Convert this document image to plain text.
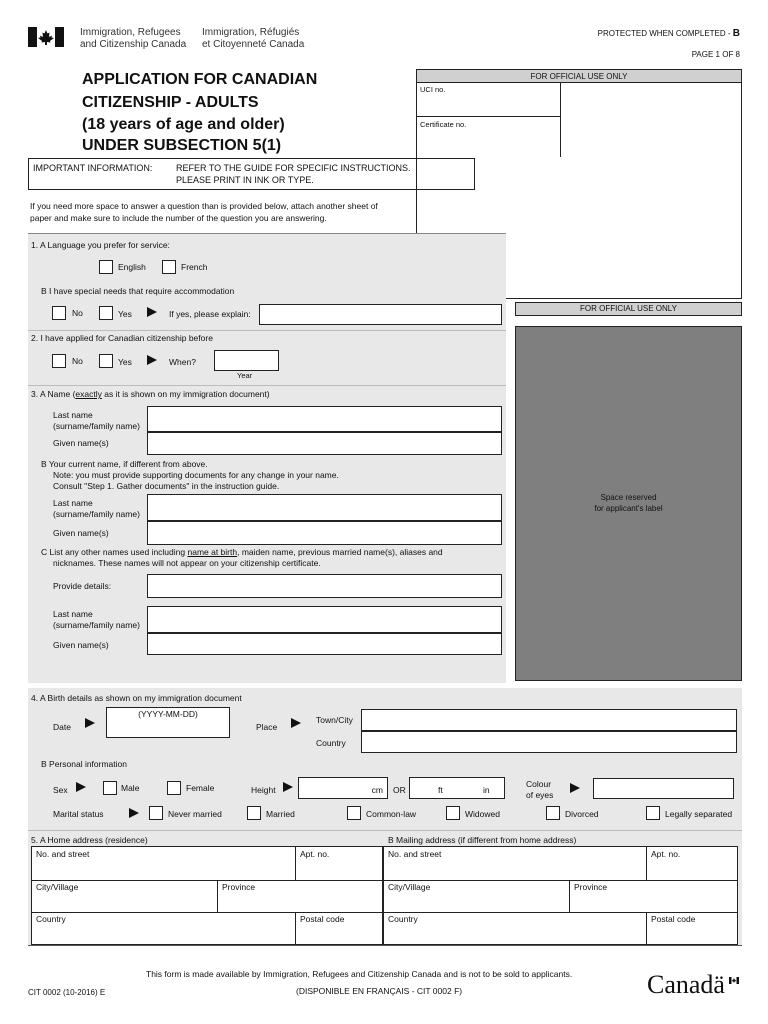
Immigration, Refugees
and Citizenship Canada
Immigration, Réfugiés
et Citoyenneté Canada
PROTECTED WHEN COMPLETED - B
PAGE 1 OF 8
APPLICATION FOR CANADIAN
CITIZENSHIP - ADULTS
(18 years of age and older)
UNDER SUBSECTION 5(1)
FOR OFFICIAL USE ONLY
UCI no.
Certificate no.
FOR OFFICIAL USE ONLY
Space reserved
for applicant's label
IMPORTANT INFORMATION:	REFER TO THE GUIDE FOR SPECIFIC INSTRUCTIONS.
PLEASE PRINT IN INK OR TYPE.
If you need more space to answer a question than is provided below, attach another sheet of
paper and make sure to include the number of the question you are answering.
1. A Language you prefer for service:
English	French
B I have special needs that require accommodation
No	Yes	If yes, please explain:
2. I have applied for Canadian citizenship before
No	Yes	When?
Year
3. A Name (exactly as it is shown on my immigration document)
Last name
(surname/family name)
Given name(s)
B Your current name, if different from above.
Note: you must provide supporting documents for any change in your name.
Consult "Step 1. Gather documents" in the instruction guide.
Last name
(surname/family name)
Given name(s)
C List any other names used including name at birth, maiden name, previous married name(s), aliases and
nicknames. These names will not appear on your citizenship certificate.
Provide details:
Last name
(surname/family name)
Given name(s)
4. A Birth details as shown on my immigration document
Date
(YYYY-MM-DD)
Place
Town/City
Country
B Personal information
Sex	Male	Female	Height	cm OR	ft	in
Colour
of eyes
Marital status	Never married	Married	Common-law	Widowed	Divorced	Legally separated
5. A Home address (residence)	B Mailing address (if different from home address)
No. and street	Apt. no.
City/Village	Province
Country	Postal code
No. and street	Apt. no.
City/Village	Province
Country	Postal code
This form is made available by Immigration, Refugees and Citizenship Canada and is not to be sold to applicants.
CIT 0002 (10-2016) E	(DISPONIBLE EN FRANÇAIS - CIT 0002 F)	Canadä
